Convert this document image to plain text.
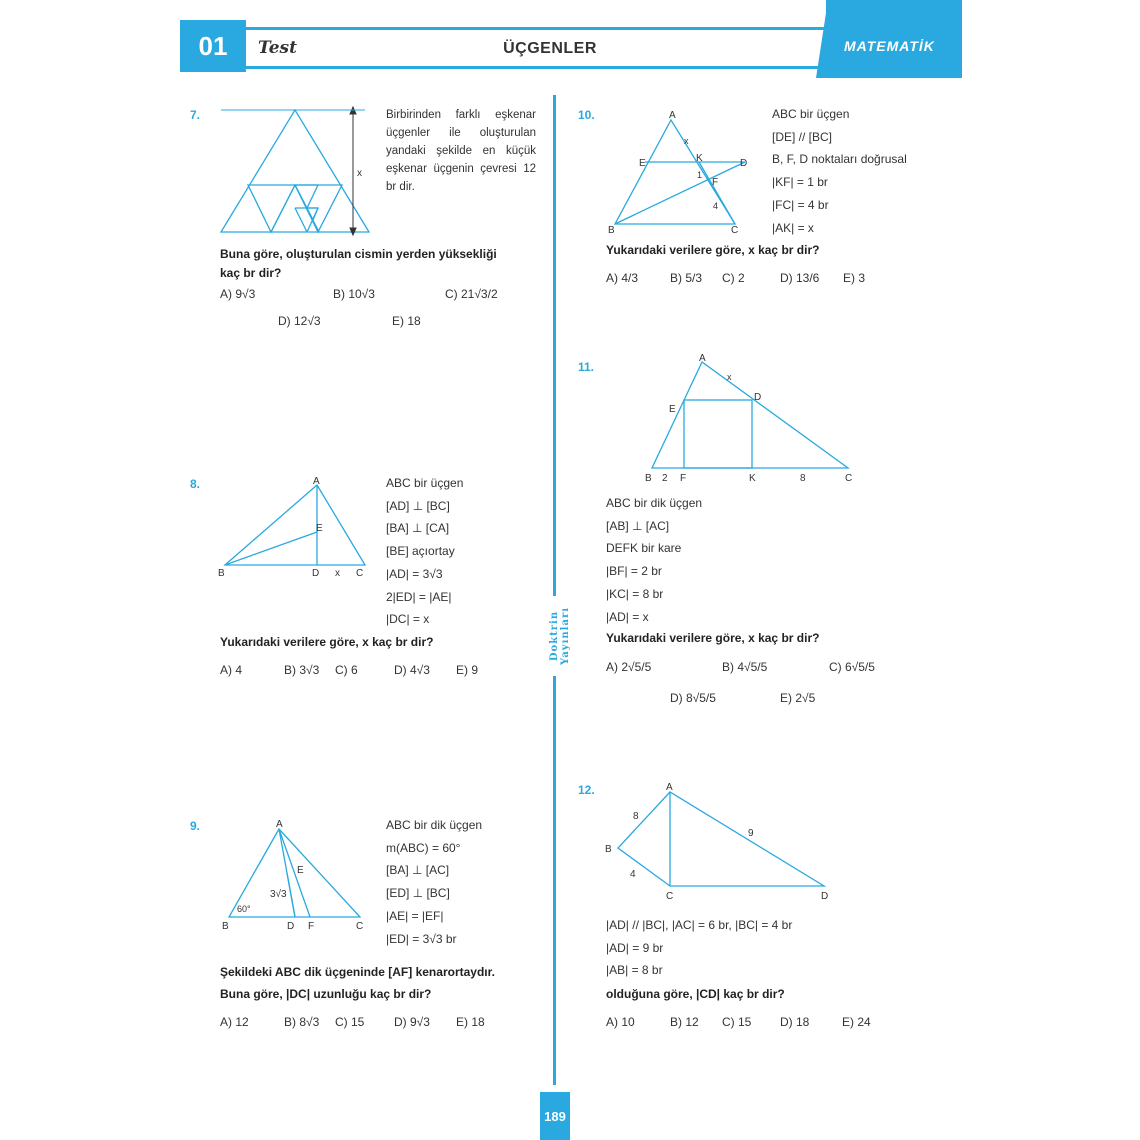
01	Test	ÜÇGENLER	MATEMATİK
Doktrin Yayınları
189
7.
x
Birbirinden farklı eşkenar üçgenler ile oluşturulan yandaki şekilde en küçük eşkenar üçgenin çevresi 12 br dir.
Buna göre, oluşturulan cismin yerden yüksekliği
kaç br dir?
A) 9√3	B) 10√3	C) 21√3/2
D) 12√3	E) 18
8.	A
B	C
D
E
x
ABC bir üçgen
[AD] ⊥ [BC]
[BA] ⊥ [CA]
[BE] açıortay
|AD| = 3√3
2|ED| = |AE|
|DC| = x
Yukarıdaki verilere göre, x kaç br dir?
A) 4	B) 3√3 C) 6	D) 4√3 E) 9
9.	A
B	C
D
E
F
60°
3√3
ABC bir dik üçgen
m(ABC) = 60°
[BA] ⊥ [AC]
[ED] ⊥ [BC]
|AE| = |EF|
|ED| = 3√3 br
Şekildeki ABC dik üçgeninde [AF] kenarortaydır.
Buna göre, |DC| uzunluğu kaç br dir?
A) 12	B) 8√3 C) 15 D) 9√3 E) 18
10.	A
B	C
D
E	K
F
x
1
4
ABC bir üçgen
[DE] // [BC]
B, F, D noktaları doğrusal
|KF| = 1 br
|FC| = 4 br
|AK| = x
Yukarıdaki verilere göre, x kaç br dir?
A) 4/3	B) 5/3 C) 2	D) 13/6 E) 3
11.
A
B	C
D
E
F	K
2	8
x
ABC bir dik üçgen
[AB] ⊥ [AC]
DEFK bir kare
|BF| = 2 br
|KC| = 8 br
|AD| = x
Yukarıdaki verilere göre, x kaç br dir?
A) 2√5/5	B) 4√5/5	C) 6√5/5
D) 8√5/5	E) 2√5
12.	A
B
C	D
8
9
4
|AD| // |BC|, |AC| = 6 br, |BC| = 4 br
|AD| = 9 br
|AB| = 8 br
olduğuna göre, |CD| kaç br dir?
A) 10	B) 12 C) 15 D) 18	E) 24
